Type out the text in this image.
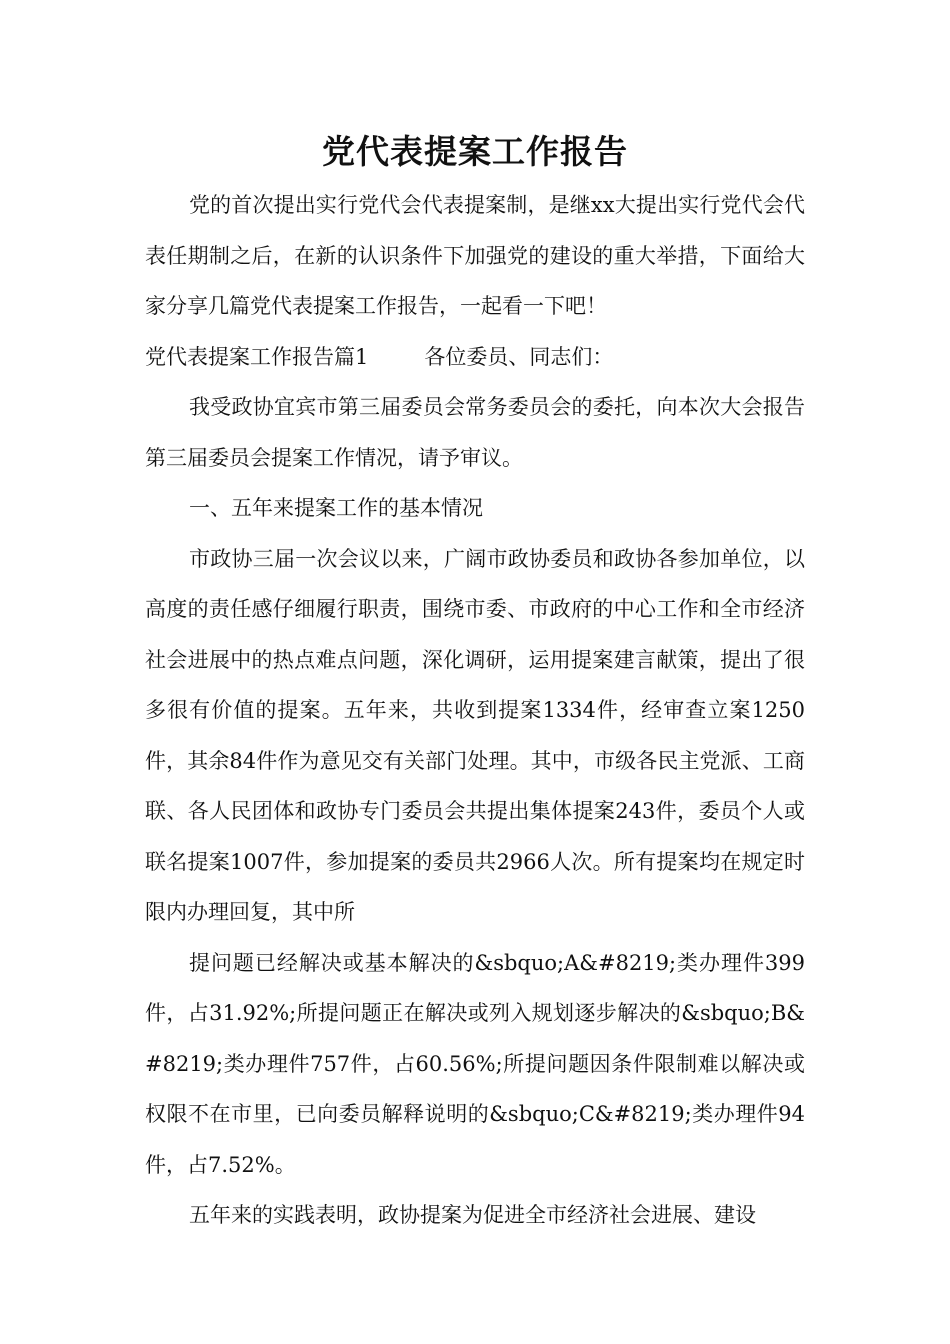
党代表提案工作报告

党的首次提出实行党代会代表提案制，是继xx大提出实行党代会代表任期制之后，在新的认识条件下加强党的建设的重大举措，下面给大家分享几篇党代表提案工作报告，一起看一下吧！

党代表提案工作报告篇1	各位委员、同志们：

我受政协宜宾市第三届委员会常务委员会的委托，向本次大会报告第三届委员会提案工作情况，请予审议。

一、五年来提案工作的基本情况

市政协三届一次会议以来，广阔市政协委员和政协各参加单位，以高度的责任感仔细履行职责，围绕市委、市政府的中心工作和全市经济社会进展中的热点难点问题，深化调研，运用提案建言献策，提出了很多很有价值的提案。五年来，共收到提案1334件，经审查立案1250件，其余84件作为意见交有关部门处理。其中，市级各民主党派、工商联、各人民团体和政协专门委员会共提出集体提案243件，委员个人或联名提案1007件，参加提案的委员共2966人次。所有提案均在规定时限内办理回复，其中所

提问题已经解决或基本解决的&sbquo;A&#8219;类办理件399件，占31.92%;所提问题正在解决或列入规划逐步解决的&sbquo;B&#8219;类办理件757件，占60.56%;所提问题因条件限制难以解决或权限不在市里，已向委员解释说明的&sbquo;C&#8219;类办理件94件，占7.52%。

五年来的实践表明，政协提案为促进全市经济社会进展、建设
